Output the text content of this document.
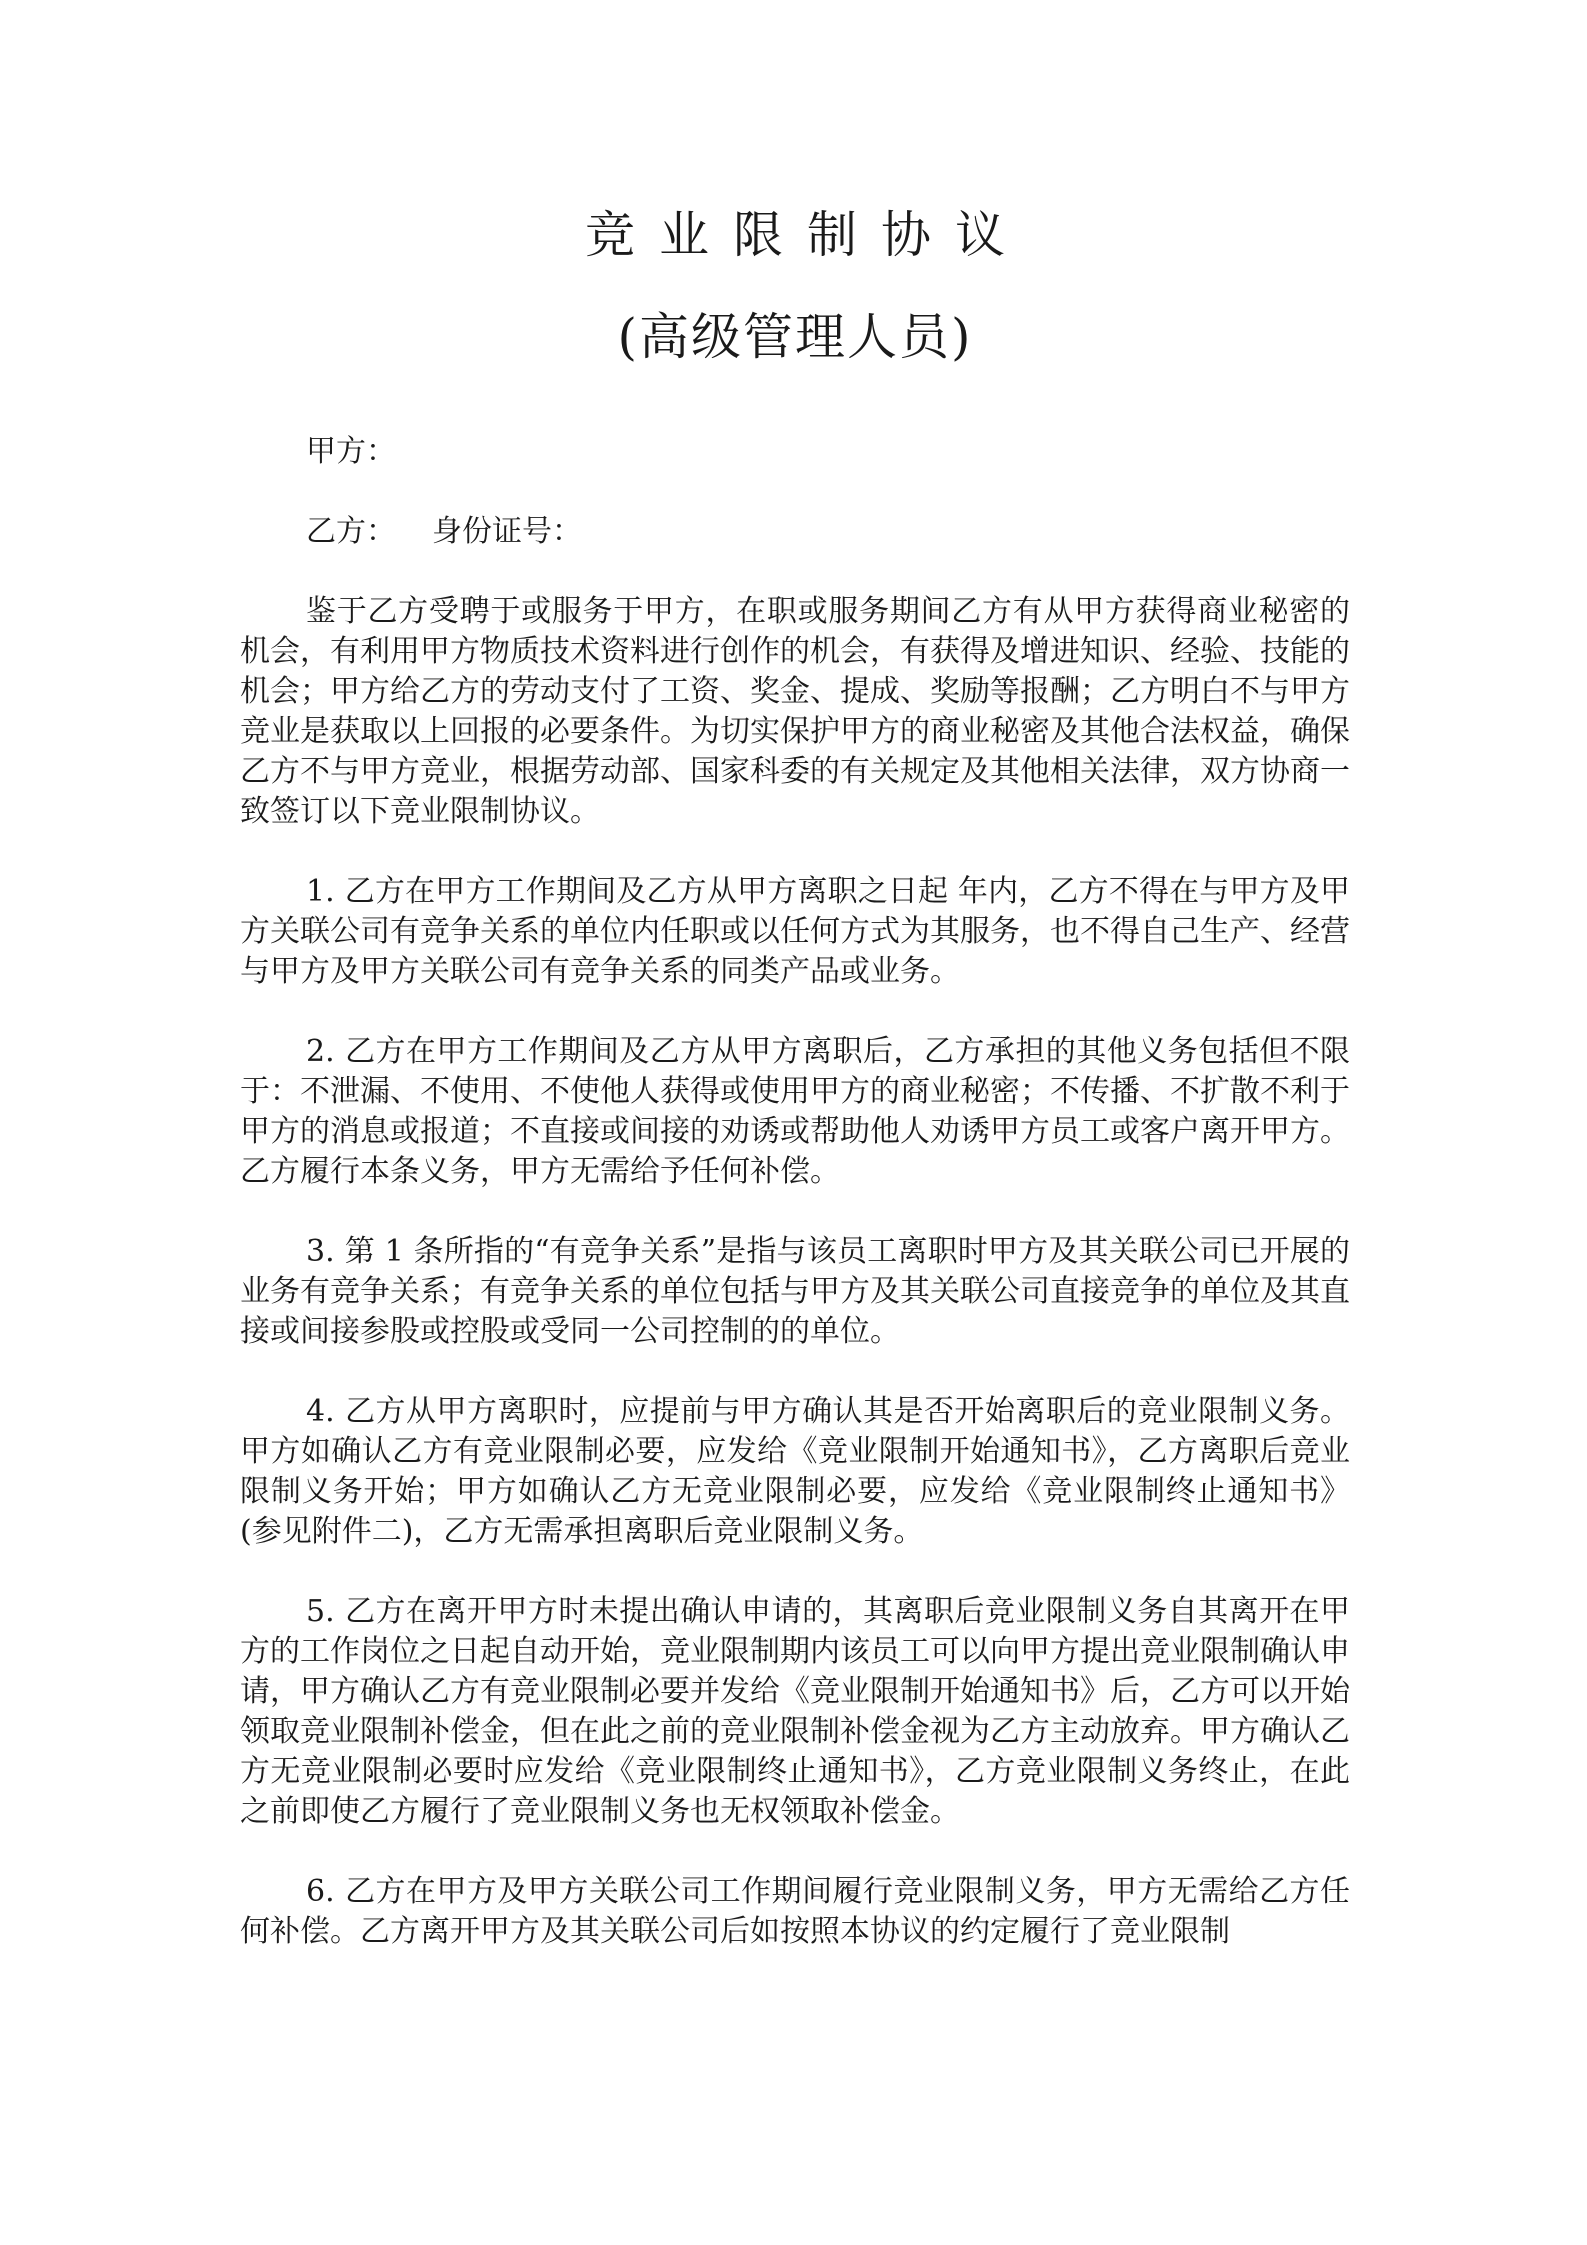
竞业限制协议
(高级管理人员)

甲方：

乙方： 身份证号：

鉴于乙方受聘于或服务于甲方，在职或服务期间乙方有从甲方获得商业秘密的机会，有利用甲方物质技术资料进行创作的机会，有获得及增进知识、经验、技能的机会；甲方给乙方的劳动支付了工资、奖金、提成、奖励等报酬；乙方明白不与甲方竞业是获取以上回报的必要条件。为切实保护甲方的商业秘密及其他合法权益，确保乙方不与甲方竞业，根据劳动部、国家科委的有关规定及其他相关法律，双方协商一致签订以下竞业限制协议。

1. 乙方在甲方工作期间及乙方从甲方离职之日起 年内，乙方不得在与甲方及甲方关联公司有竞争关系的单位内任职或以任何方式为其服务，也不得自己生产、经营与甲方及甲方关联公司有竞争关系的同类产品或业务。

2. 乙方在甲方工作期间及乙方从甲方离职后，乙方承担的其他义务包括但不限于：不泄漏、不使用、不使他人获得或使用甲方的商业秘密；不传播、不扩散不利于甲方的消息或报道；不直接或间接的劝诱或帮助他人劝诱甲方员工或客户离开甲方。乙方履行本条义务，甲方无需给予任何补偿。

3. 第 1 条所指的“有竞争关系”是指与该员工离职时甲方及其关联公司已开展的业务有竞争关系；有竞争关系的单位包括与甲方及其关联公司直接竞争的单位及其直接或间接参股或控股或受同一公司控制的的单位。

4. 乙方从甲方离职时，应提前与甲方确认其是否开始离职后的竞业限制义务。甲方如确认乙方有竞业限制必要，应发给《竞业限制开始通知书》，乙方离职后竞业限制义务开始；甲方如确认乙方无竞业限制必要，应发给《竞业限制终止通知书》(参见附件二)，乙方无需承担离职后竞业限制义务。

5. 乙方在离开甲方时未提出确认申请的，其离职后竞业限制义务自其离开在甲方的工作岗位之日起自动开始，竞业限制期内该员工可以向甲方提出竞业限制确认申请，甲方确认乙方有竞业限制必要并发给《竞业限制开始通知书》后，乙方可以开始领取竞业限制补偿金，但在此之前的竞业限制补偿金视为乙方主动放弃。甲方确认乙方无竞业限制必要时应发给《竞业限制终止通知书》，乙方竞业限制义务终止，在此之前即使乙方履行了竞业限制义务也无权领取补偿金。

6. 乙方在甲方及甲方关联公司工作期间履行竞业限制义务，甲方无需给乙方任何补偿。乙方离开甲方及其关联公司后如按照本协议的约定履行了竞业限制
